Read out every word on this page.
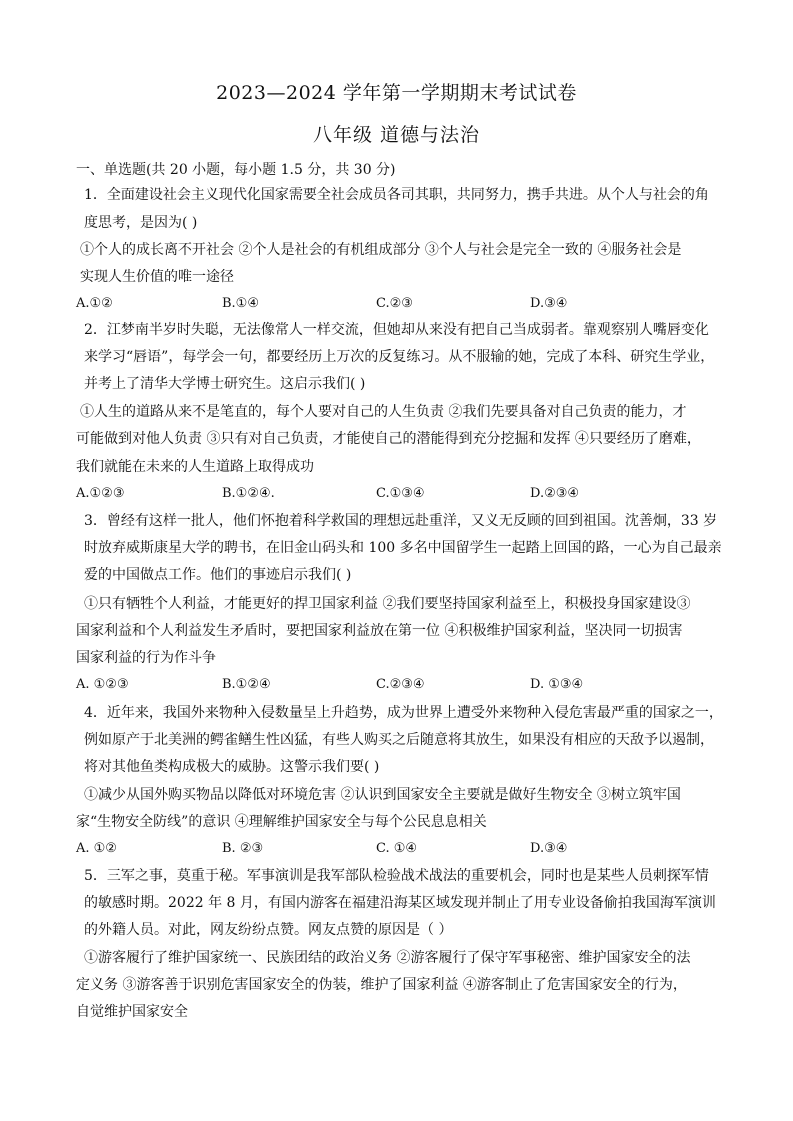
2023—2024 学年第一学期期末考试试卷
八年级 道德与法治
一、单选题(共 20 小题，每小题 1.5 分，共 30 分)
1．全面建设社会主义现代化国家需要全社会成员各司其职，共同努力，携手共进。从个人与社会的角
度思考，是因为( )
①个人的成长离不开社会 ②个人是社会的有机组成部分 ③个人与社会是完全一致的 ④服务社会是
实现人生价值的唯一途径
A.①②	B.①④	C.②③	D.③④
2．江梦南半岁时失聪，无法像常人一样交流，但她却从来没有把自己当成弱者。靠观察别人嘴唇变化
来学习“唇语”，每学会一句，都要经历上万次的反复练习。从不服输的她，完成了本科、研究生学业，
并考上了清华大学博士研究生。这启示我们( )
①人生的道路从来不是笔直的，每个人要对自己的人生负责 ②我们先要具备对自己负责的能力，才
可能做到对他人负责 ③只有对自己负责，才能使自己的潜能得到充分挖掘和发挥 ④只要经历了磨难，
我们就能在未来的人生道路上取得成功
A.①②③	B.①②④.	C.①③④	D.②③④
3．曾经有这样一批人，他们怀抱着科学救国的理想远赴重洋，又义无反顾的回到祖国。沈善炯，33 岁
时放弃威斯康星大学的聘书，在旧金山码头和 100 多名中国留学生一起踏上回国的路，一心为自己最亲
爱的中国做点工作。他们的事迹启示我们( )
①只有牺牲个人利益，才能更好的捍卫国家利益 ②我们要坚持国家利益至上，积极投身国家建设③
国家利益和个人利益发生矛盾时，要把国家利益放在第一位 ④积极维护国家利益，坚决同一切损害
国家利益的行为作斗争
A. ①②③	B.①②④	C.②③④	D. ①③④
4．近年来，我国外来物种入侵数量呈上升趋势，成为世界上遭受外来物种入侵危害最严重的国家之一，
例如原产于北美洲的鳄雀鳝生性凶猛，有些人购买之后随意将其放生，如果没有相应的天敌予以遏制，
将对其他鱼类构成极大的威胁。这警示我们要( )
①减少从国外购买物品以降低对环境危害 ②认识到国家安全主要就是做好生物安全 ③树立筑牢国
家“生物安全防线”的意识 ④理解维护国家安全与每个公民息息相关
A. ①②	B. ②③	C. ①④	D.③④
5．三军之事，莫重于秘。军事演训是我军部队检验战术战法的重要机会，同时也是某些人员刺探军情
的敏感时期。2022 年 8 月，有国内游客在福建沿海某区域发现并制止了用专业设备偷拍我国海军演训
的外籍人员。对此，网友纷纷点赞。网友点赞的原因是（ ）
①游客履行了维护国家统一、民族团结的政治义务 ②游客履行了保守军事秘密、维护国家安全的法
定义务 ③游客善于识别危害国家安全的伪装，维护了国家利益 ④游客制止了危害国家安全的行为，
自觉维护国家安全
